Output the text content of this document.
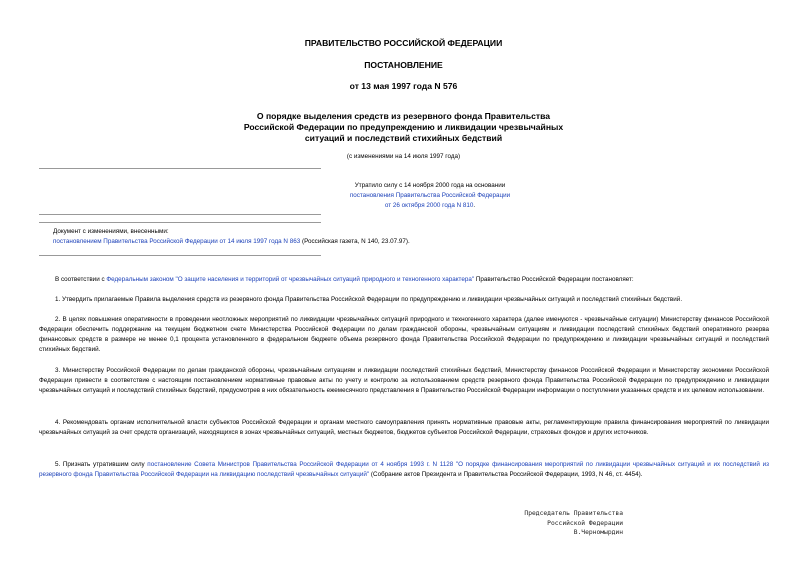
ПРАВИТЕЛЬСТВО РОССИЙСКОЙ ФЕДЕРАЦИИ
ПОСТАНОВЛЕНИЕ
от 13 мая 1997 года N 576
О порядке выделения средств из резервного фонда Правительства
Российской Федерации по предупреждению и ликвидации чрезвычайных
ситуаций и последствий стихийных бедствий
(с изменениями на 14 июля 1997 года)
Утратило силу с 14 ноября 2000 года на основании
постановления Правительства Российской Федерации
от 26 октября 2000 года N 810.
Документ с изменениями, внесенными:
постановлением Правительства Российской Федерации от 14 июля 1997 года N 863 (Российская газета, N 140, 23.07.97).
В соответствии с Федеральным законом "О защите населения и территорий от чрезвычайных ситуаций природного и техногенного характера" Правительство Российской Федерации постановляет:
1. Утвердить прилагаемые Правила выделения средств из резервного фонда Правительства Российской Федерации по предупреждению и ликвидации чрезвычайных ситуаций и последствий стихийных бедствий.
2. В целях повышения оперативности в проведении неотложных мероприятий по ликвидации чрезвычайных ситуаций природного и техногенного характера (далее именуются - чрезвычайные ситуации) Министерству финансов Российской Федерации обеспечить поддержание на текущем бюджетном счете Министерства Российской Федерации по делам гражданской обороны, чрезвычайным ситуациям и ликвидации последствий стихийных бедствий оперативного резерва финансовых средств в размере не менее 0,1 процента установленного в федеральном бюджете объема резервного фонда Правительства Российской Федерации по предупреждению и ликвидации чрезвычайных ситуаций и последствий стихийных бедствий.
3. Министерству Российской Федерации по делам гражданской обороны, чрезвычайным ситуациям и ликвидации последствий стихийных бедствий, Министерству финансов Российской Федерации и Министерству экономики Российской Федерации привести в соответствие с настоящим постановлением нормативные правовые акты по учету и контролю за использованием средств резервного фонда Правительства Российской Федерации по предупреждению и ликвидации чрезвычайных ситуаций и последствий стихийных бедствий, предусмотрев в них обязательность ежемесячного представления в Правительство Российской Федерации информации о поступлении указанных средств и их целевом использовании.
4. Рекомендовать органам исполнительной власти субъектов Российской Федерации и органам местного самоуправления принять нормативные правовые акты, регламентирующие правила финансирования мероприятий по ликвидации чрезвычайных ситуаций за счет средств организаций, находящихся в зонах чрезвычайных ситуаций, местных бюджетов, бюджетов субъектов Российской Федерации, страховых фондов и других источников.
5. Признать утратившим силу постановление Совета Министров Правительства Российской Федерации от 4 ноября 1993 г. N 1128 "О порядке финансирования мероприятий по ликвидации чрезвычайных ситуаций и их последствий из резервного фонда Правительства Российской Федерации на ликвидацию последствий чрезвычайных ситуаций" (Собрание актов Президента и Правительства Российской Федерации, 1993, N 46, ст. 4454).
Председатель Правительства
Российской Федерации
В.Черномырдин
